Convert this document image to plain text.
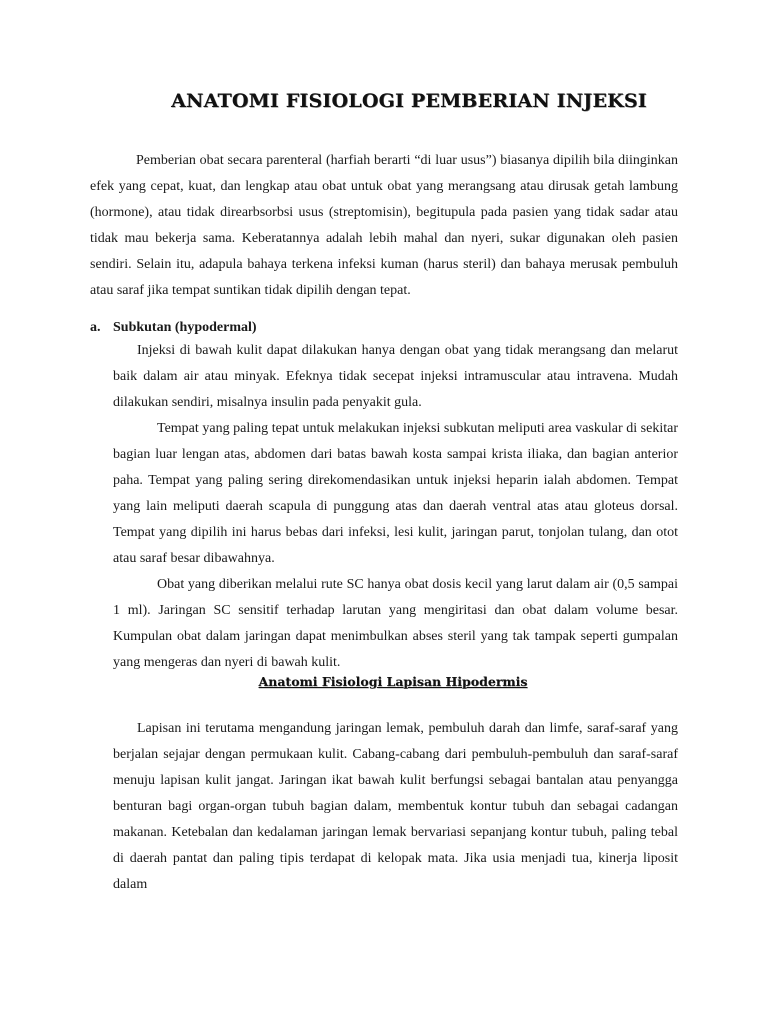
ANATOMI FISIOLOGI PEMBERIAN INJEKSI

Pemberian obat secara parenteral (harfiah berarti “di luar usus”) biasanya dipilih bila diinginkan efek yang cepat, kuat, dan lengkap atau obat untuk obat yang merangsang atau dirusak getah lambung (hormone), atau tidak direarbsorbsi usus (streptomisin), begitupula pada pasien yang tidak sadar atau tidak mau bekerja sama. Keberatannya adalah lebih mahal dan nyeri, sukar digunakan oleh pasien sendiri. Selain itu, adapula bahaya terkena infeksi kuman (harus steril) dan bahaya merusak pembuluh atau saraf jika tempat suntikan tidak dipilih dengan tepat.

a. Subkutan (hypodermal)

Injeksi di bawah kulit dapat dilakukan hanya dengan obat yang tidak merangsang dan melarut baik dalam air atau minyak. Efeknya tidak secepat injeksi intramuscular atau intravena. Mudah dilakukan sendiri, misalnya insulin pada penyakit gula.

Tempat yang paling tepat untuk melakukan injeksi subkutan meliputi area vaskular di sekitar bagian luar lengan atas, abdomen dari batas bawah kosta sampai krista iliaka, dan bagian anterior paha. Tempat yang paling sering direkomendasikan untuk injeksi heparin ialah abdomen. Tempat yang lain meliputi daerah scapula di punggung atas dan daerah ventral atas atau gloteus dorsal. Tempat yang dipilih ini harus bebas dari infeksi, lesi kulit, jaringan parut, tonjolan tulang, dan otot atau saraf besar dibawahnya.

Obat yang diberikan melalui rute SC hanya obat dosis kecil yang larut dalam air (0,5 sampai 1 ml). Jaringan SC sensitif terhadap larutan yang mengiritasi dan obat dalam volume besar. Kumpulan obat dalam jaringan dapat menimbulkan abses steril yang tak tampak seperti gumpalan yang mengeras dan nyeri di bawah kulit.

Anatomi Fisiologi Lapisan Hipodermis

Lapisan ini terutama mengandung jaringan lemak, pembuluh darah dan limfe, saraf-saraf yang berjalan sejajar dengan permukaan kulit. Cabang-cabang dari pembuluh-pembuluh dan saraf-saraf menuju lapisan kulit jangat. Jaringan ikat bawah kulit berfungsi sebagai bantalan atau penyangga benturan bagi organ-organ tubuh bagian dalam, membentuk kontur tubuh dan sebagai cadangan makanan. Ketebalan dan kedalaman jaringan lemak bervariasi sepanjang kontur tubuh, paling tebal di daerah pantat dan paling tipis terdapat di kelopak mata. Jika usia menjadi tua, kinerja liposit dalam
